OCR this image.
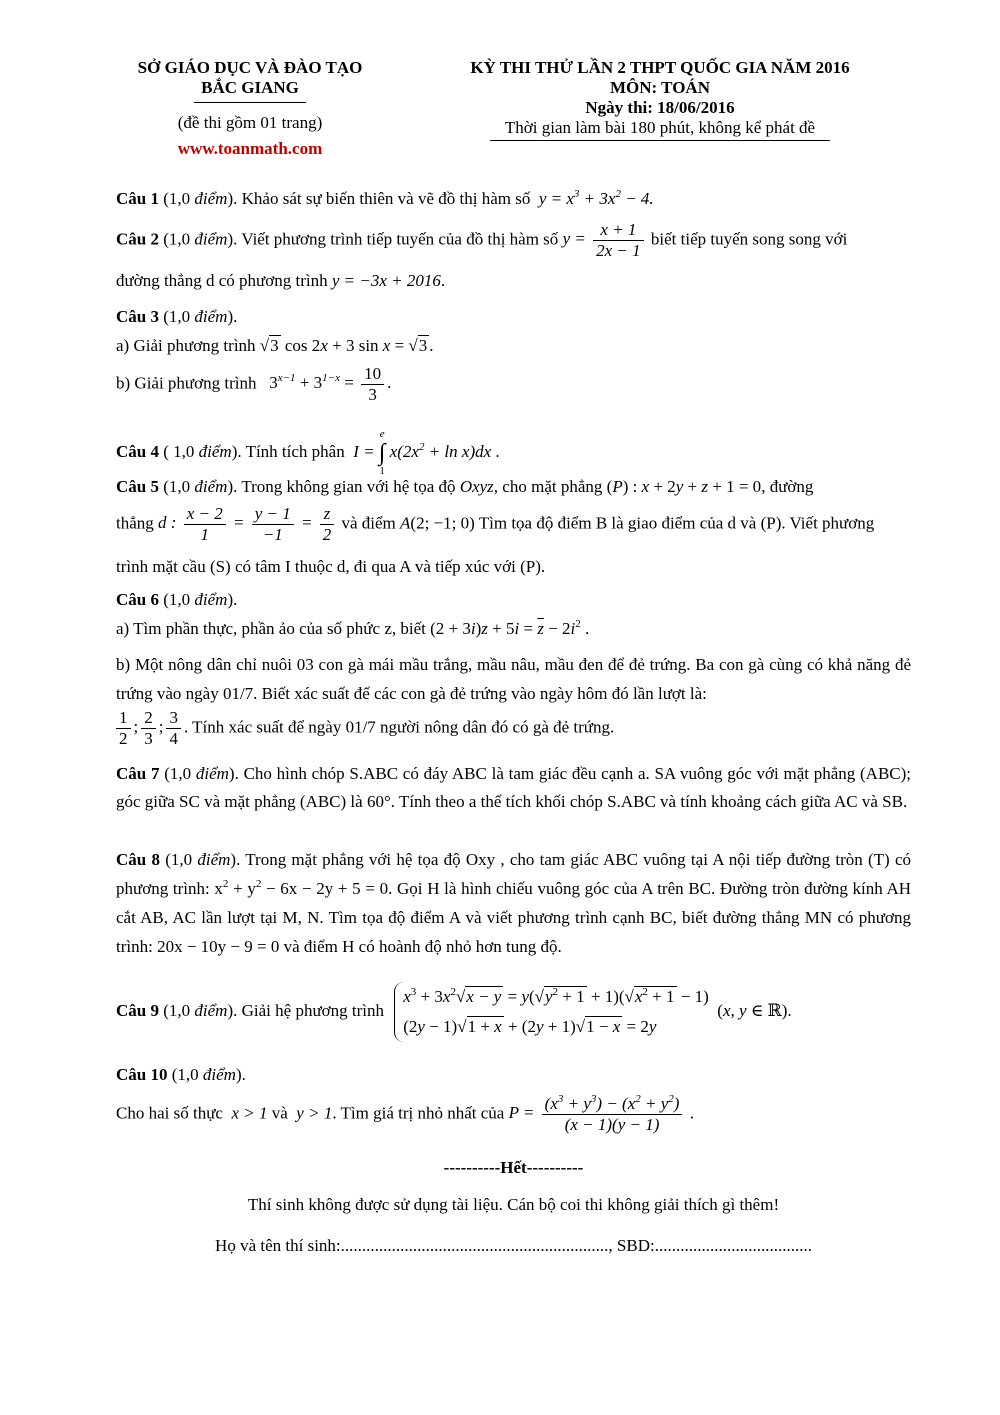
SỞ GIÁO DỤC VÀ ĐÀO TẠO
BẮC GIANG
(đề thi gồm 01 trang)
www.toanmath.com
KỲ THI THỬ LẦN 2 THPT QUỐC GIA NĂM 2016
MÔN: TOÁN
Ngày thi: 18/06/2016
Thời gian làm bài 180 phút, không kể phát đề
Câu 1 (1,0 điểm). Khảo sát sự biến thiên và vẽ đồ thị hàm số  $y = x^3 + 3x^2 - 4$.
Câu 2 (1,0 điểm). Viết phương trình tiếp tuyến của đồ thị hàm số $y = \frac{x + 1}{2x - 1}$ biết tiếp tuyến song song với
đường thẳng d có phương trình y = −3x + 2016.
Câu 3 (1,0 điểm).
a) Giải phương trình √3 cos 2x + 3 sin x = √3 .
b) Giải phương trình   $3^{x-1} + 3^{1-x} = \frac{10}{3}$ .
Câu 4 ( 1,0 điểm). Tính tích phân  I = e
∫
1 $x(2x^2 + \ln x)dx$ .
Câu 5 (1,0 điểm). Trong không gian với hệ tọa độ Oxyz, cho mặt phẳng (P) : x + 2y + z + 1 = 0, đường
thẳng d : $\frac{x - 2}{1} = \frac{y - 1}{-1} = \frac{z}{2}$ và điểm A(2; −1; 0) Tìm tọa độ điểm B là giao điểm của d và (P). Viết phương
trình mặt cầu (S) có tâm I thuộc d, đi qua A và tiếp xúc với (P).
Câu 6 (1,0 điểm).
a) Tìm phần thực, phần ảo của số phức z, biết $(2 + 3i)z + 5i = \overline{z} - 2i^2$ .
b) Một nông dân chỉ nuôi 03 con gà mái mầu trắng, mầu nâu, mầu đen để đẻ trứng. Ba con gà cùng có khả năng đẻ trứng vào ngày 01/7. Biết xác suất để các con gà đẻ trứng vào ngày hôm đó lần lượt là:
$\frac{1}{2}$ ; $\frac{2}{3}$ ; $\frac{3}{4}$ . Tính xác suất để ngày 01/7 người nông dân đó có gà đẻ trứng.
Câu 7 (1,0 điểm). Cho hình chóp S.ABC có đáy ABC là tam giác đều cạnh a. SA vuông góc với mặt phẳng (ABC); góc giữa SC và mặt phẳng (ABC) là 60°. Tính theo a thể tích khối chóp S.ABC và tính khoảng cách giữa AC và SB.
Câu 8 (1,0 điểm). Trong mặt phẳng với hệ tọa độ Oxy , cho tam giác ABC vuông tại A nội tiếp đường tròn (T) có phương trình: $x^2 + y^2 - 6x - 2y + 5 = 0$. Gọi H là hình chiếu vuông góc của A trên BC. Đường tròn đường kính AH cắt AB, AC lần lượt tại M, N. Tìm tọa độ điểm A và viết phương trình cạnh BC, biết đường thẳng MN có phương trình: 20x − 10y − 9 = 0 và điểm H có hoành độ nhỏ hơn tung độ.
Câu 9 (1,0 điểm). Giải hệ phương trình $x^3 + 3x^2√x - y = y(√y^2 + 1 + 1)(√x^2 + 1 - 1)$
(2y − 1)√1 + x + (2y + 1)√1 − x = 2y  (x, y ∈ ℝ).
Câu 10 (1,0 điểm).
Cho hai số thực  x > 1 và  y > 1. Tìm giá trị nhỏ nhất của $P = \frac{(x^3 + y^3) - (x^2 + y^2)}{(x - 1)(y - 1)}$ .
----------Hết----------
Thí sinh không được sử dụng tài liệu. Cán bộ coi thi không giải thích gì thêm!
Họ và tên thí sinh:..............................................................., SBD:.....................................
